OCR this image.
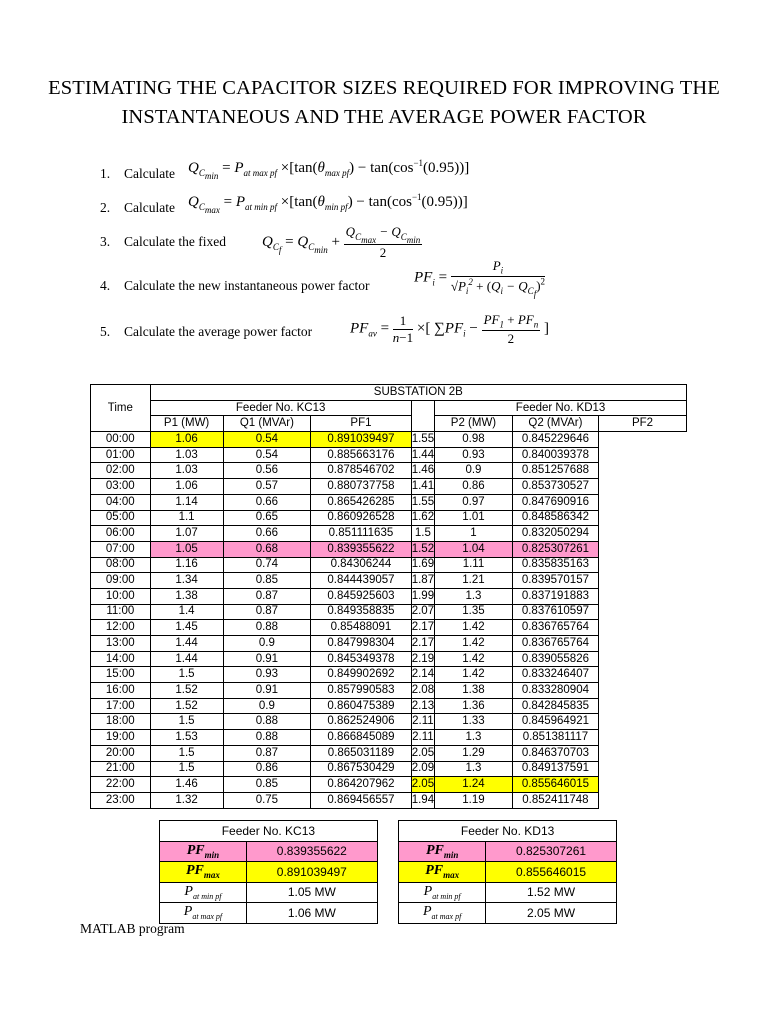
ESTIMATING THE CAPACITOR SIZES REQUIRED FOR IMPROVING THE INSTANTANEOUS AND THE AVERAGE POWER FACTOR
1. Calculate $Q_{C_{min}} = P_{at max pf} \times[\tan(\theta_{max pf}) - \tan(\cos^{-1}(0.95))]$
2. Calculate $Q_{C_{max}} = P_{at min pf} \times[\tan(\theta_{min pf}) - \tan(\cos^{-1}(0.95))]$
3. Calculate the fixed $Q_{C_f} = Q_{C_{min}} + \frac{Q_{C_{max}} - Q_{C_{min}}}{2}$
4. Calculate the new instantaneous power factor	$PF_i = \frac{P_i}{√P_i^2 + (Q_i - Q_{C_f})^2}$
5. Calculate the average power factor	$PF_{av} = \frac{1}{n-1}$ ×[ $\sum PF_i - \frac{PF_1 + PF_n}{2}$ ]
Time	SUBSTATION 2B						
	Feeder No. KC13				Feeder No. KD13		
	P1 (MW)	Q1 (MVAr)	PF1		P2 (MW)	Q2 (MVAr)	PF2
00:00	1.06	0.54	0.891039497	1.55	0.98	0.845229646	
01:00	1.03	0.54	0.885663176	1.44	0.93	0.840039378	
02:00	1.03	0.56	0.878546702	1.46	0.9	0.851257688	
03:00	1.06	0.57	0.880737758	1.41	0.86	0.853730527	
04:00	1.14	0.66	0.865426285	1.55	0.97	0.847690916	
05:00	1.1	0.65	0.860926528	1.62	1.01	0.848586342	
06:00	1.07	0.66	0.851111635	1.5	1	0.832050294	
07:00	1.05	0.68	0.839355622	1.52	1.04	0.825307261	
08:00	1.16	0.74	0.84306244	1.69	1.11	0.835835163	
09:00	1.34	0.85	0.844439057	1.87	1.21	0.839570157	
10:00	1.38	0.87	0.845925603	1.99	1.3	0.837191883	
11:00	1.4	0.87	0.849358835	2.07	1.35	0.837610597	
12:00	1.45	0.88	0.85488091	2.17	1.42	0.836765764	
13:00	1.44	0.9	0.847998304	2.17	1.42	0.836765764	
14:00	1.44	0.91	0.845349378	2.19	1.42	0.839055826	
15:00	1.5	0.93	0.849902692	2.14	1.42	0.833246407	
16:00	1.52	0.91	0.857990583	2.08	1.38	0.833280904	
17:00	1.52	0.9	0.860475389	2.13	1.36	0.842845835	
18:00	1.5	0.88	0.862524906	2.11	1.33	0.845964921	
19:00	1.53	0.88	0.866845089	2.11	1.3	0.851381117	
20:00	1.5	0.87	0.865031189	2.05	1.29	0.846370703	
21:00	1.5	0.86	0.867530429	2.09	1.3	0.849137591	
22:00	1.46	0.85	0.864207962	2.05	1.24	0.855646015	
23:00	1.32	0.75	0.869456557	1.94	1.19	0.852411748	
Feeder No. KC13			Feeder No. KD13	
$PF_{min}$	0.839355622		$PF_{min}$	0.825307261
$PF_{max}$	0.891039497		$PF_{max}$	0.855646015
$P_{at min pf}$	1.05 MW		$P_{at min pf}$	1.52 MW
$P_{at max pf}$	1.06 MW		$P_{at max pf}$	2.05 MW
MATLAB program
